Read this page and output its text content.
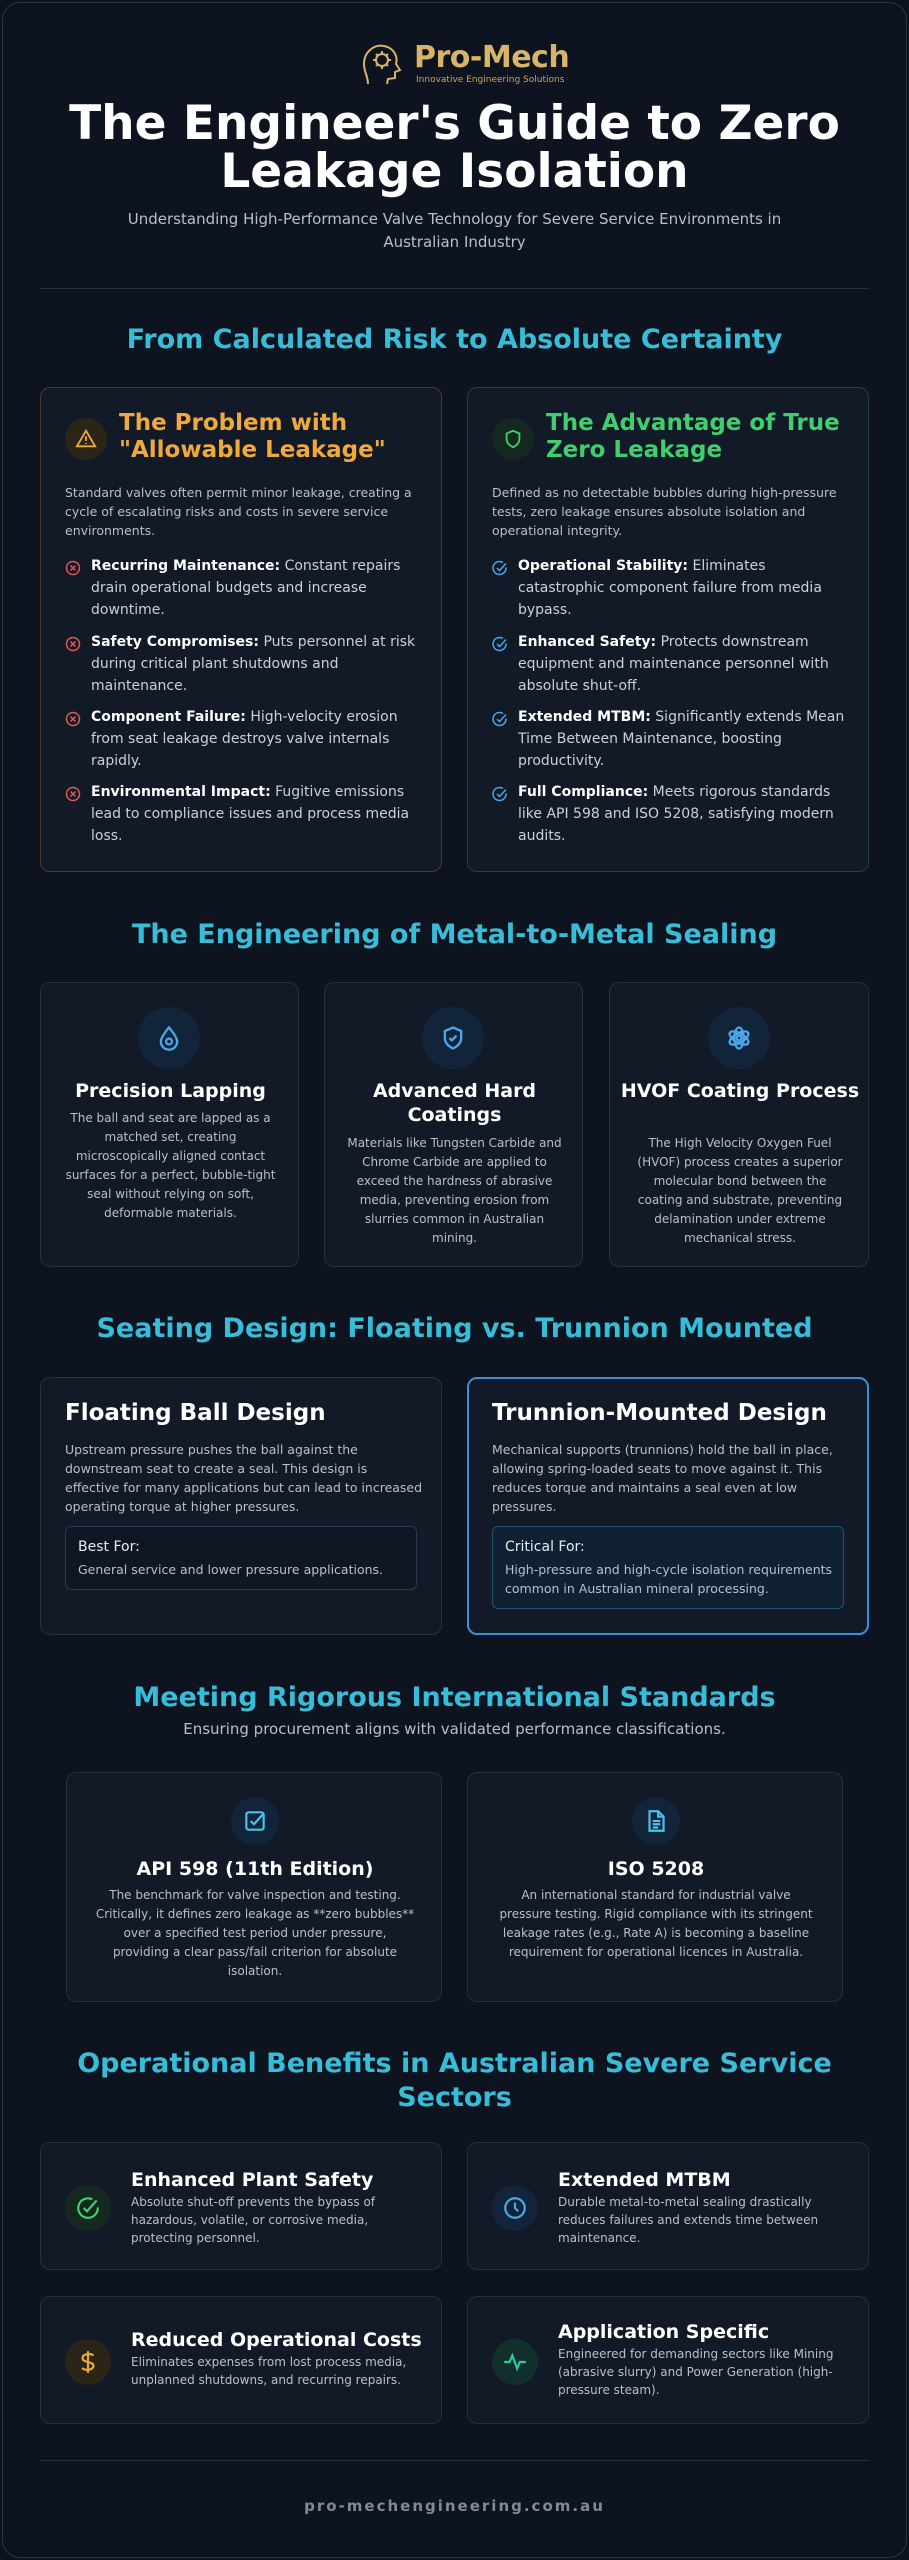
Pro-Mech
Innovative Engineering Solutions
The Engineer's Guide to Zero Leakage Isolation
Understanding High-Performance Valve Technology for Severe Service Environments in Australian Industry
From Calculated Risk to Absolute Certainty
The Problem with "Allowable Leakage"
Standard valves often permit minor leakage, creating a cycle of escalating risks and costs in severe service environments.
Recurring Maintenance: Constant repairs drain operational budgets and increase downtime.
Safety Compromises: Puts personnel at risk during critical plant shutdowns and maintenance.
Component Failure: High-velocity erosion from seat leakage destroys valve internals rapidly.
Environmental Impact: Fugitive emissions lead to compliance issues and process media loss.
The Advantage of True Zero Leakage
Defined as no detectable bubbles during high-pressure tests, zero leakage ensures absolute isolation and operational integrity.
Operational Stability: Eliminates catastrophic component failure from media bypass.
Enhanced Safety: Protects downstream equipment and maintenance personnel with absolute shut-off.
Extended MTBM: Significantly extends Mean Time Between Maintenance, boosting productivity.
Full Compliance: Meets rigorous standards like API 598 and ISO 5208, satisfying modern audits.
The Engineering of Metal-to-Metal Sealing
Precision Lapping
The ball and seat are lapped as a matched set, creating microscopically aligned contact surfaces for a perfect, bubble-tight seal without relying on soft, deformable materials.
Advanced Hard Coatings
Materials like Tungsten Carbide and Chrome Carbide are applied to exceed the hardness of abrasive media, preventing erosion from slurries common in Australian mining.
HVOF Coating Process
The High Velocity Oxygen Fuel (HVOF) process creates a superior molecular bond between the coating and substrate, preventing delamination under extreme mechanical stress.
Seating Design: Floating vs. Trunnion Mounted
Floating Ball Design
Upstream pressure pushes the ball against the downstream seat to create a seal. This design is effective for many applications but can lead to increased operating torque at higher pressures.
Best For:
General service and lower pressure applications.
Trunnion-Mounted Design
Mechanical supports (trunnions) hold the ball in place, allowing spring-loaded seats to move against it. This reduces torque and maintains a seal even at low pressures.
Critical For:
High-pressure and high-cycle isolation requirements common in Australian mineral processing.
Meeting Rigorous International Standards
Ensuring procurement aligns with validated performance classifications.
API 598 (11th Edition)
The benchmark for valve inspection and testing. Critically, it defines zero leakage as **zero bubbles** over a specified test period under pressure, providing a clear pass/fail criterion for absolute isolation.
ISO 5208
An international standard for industrial valve pressure testing. Rigid compliance with its stringent leakage rates (e.g., Rate A) is becoming a baseline requirement for operational licences in Australia.
Operational Benefits in Australian Severe Service Sectors
Enhanced Plant Safety
Absolute shut-off prevents the bypass of hazardous, volatile, or corrosive media, protecting personnel.
Extended MTBM
Durable metal-to-metal sealing drastically reduces failures and extends time between maintenance.
Reduced Operational Costs
Eliminates expenses from lost process media, unplanned shutdowns, and recurring repairs.
Application Specific
Engineered for demanding sectors like Mining (abrasive slurry) and Power Generation (high-pressure steam).
pro-mechengineering.com.au
